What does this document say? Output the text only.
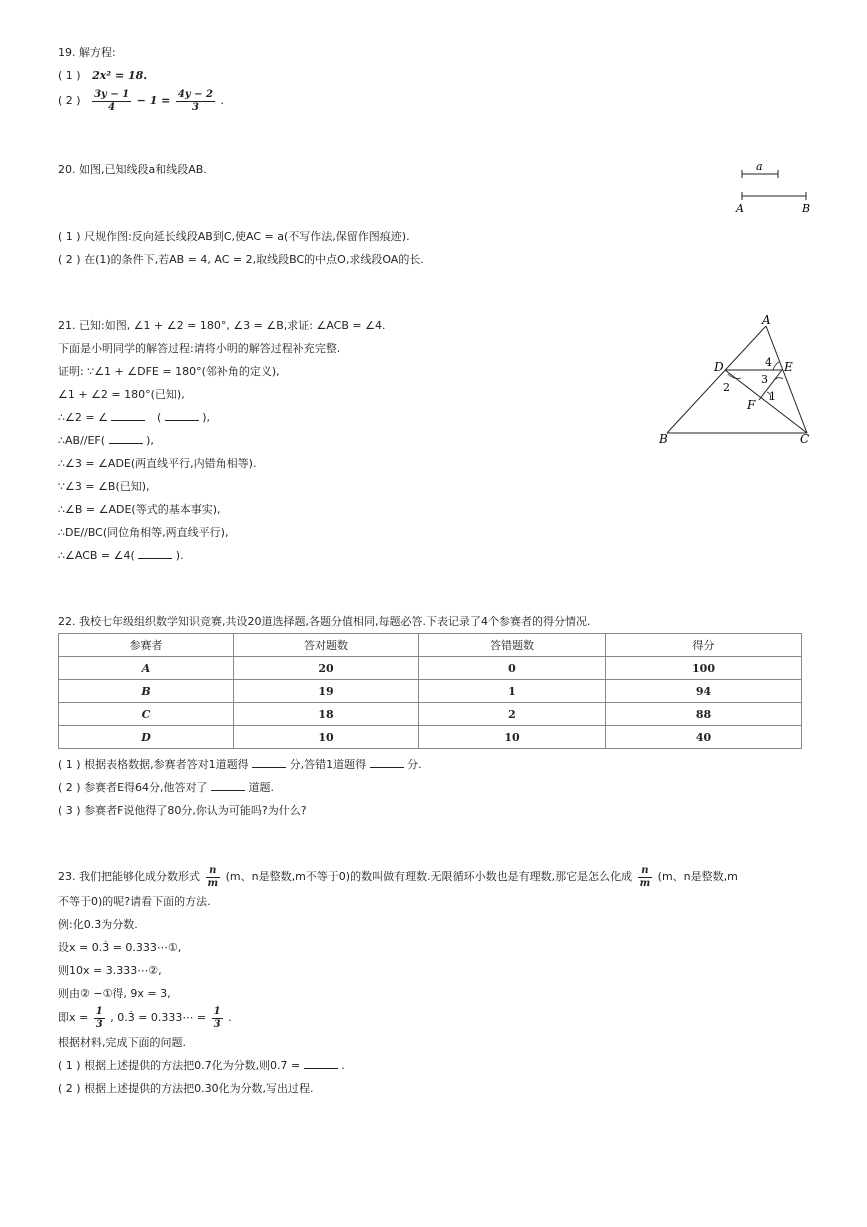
19. 解方程:
( 1 ) 2x² = 18.
( 2 ) $\frac{3y - 1}{4} - 1 = \frac{4y - 2}{3}$ .
20. 如图,已知线段a和线段AB.	a
A	B
( 1 ) 尺规作图:反向延长线段AB到C,使AC = a(不写作法,保留作图痕迹).
( 2 ) 在(1)的条件下,若AB = 4, AC = 2,取线段BC的中点O,求线段OA的长.
21. 已知:如图, ∠1 + ∠2 = 180°, ∠3 = ∠B,求证: ∠ACB = ∠4.
下面是小明同学的解答过程:请将小明的解答过程补充完整.
证明: ∵∠1 + ∠DFE = 180°(邻补角的定义),
∠1 + ∠2 = 180°(已知),
∴∠2 = ∠	(	),
∴AB//EF(	),
∴∠3 = ∠ADE(两直线平行,内错角相等).
∵∠3 = ∠B(已知),
∴∠B = ∠ADE(等式的基本事实),
∴DE//BC(同位角相等,两直线平行),
∴∠ACB = ∠4(	).
A
B	C
D	E
F
1
2
3
4
22. 我校七年级组织数学知识竞赛,共设20道选择题,各题分值相同,每题必答.下表记录了4个参赛者的得分情况.
参赛者	答对题数	答错题数	得分
A	20	0	100
B	19	1	94
C	18	2	88
D	10	10	40
( 1 ) 根据表格数据,参赛者答对1道题得	分,答错1道题得	分.
( 2 ) 参赛者E得64分,他答对了	道题.
( 3 ) 参赛者F说他得了80分,你认为可能吗?为什么?
23. 我们把能够化成分数形式 $\frac{n}{m} (m$、n是整数,m不等于0)的数叫做有理数.无限循环小数也是有理数,那它是怎么化成 $\frac{n}{m} (m$、n是整数,m
不等于0)的呢?请看下面的方法.
例:化0.3̇为分数.
设x = 0.3̇ = 0.333⋯①,
则10x = 3.333⋯②,
则由② −①得, 9x = 3,
即$x = \frac{1}{3}$ , 0.3̇ = 0.333⋯ = $\frac{1}{3}$ .
根据材料,完成下面的问题.
( 1 ) 根据上述提供的方法把0.7̇化为分数,则0.7̇ =	.
( 2 ) 根据上述提供的方法把0.3̇0̇化为分数,写出过程.
